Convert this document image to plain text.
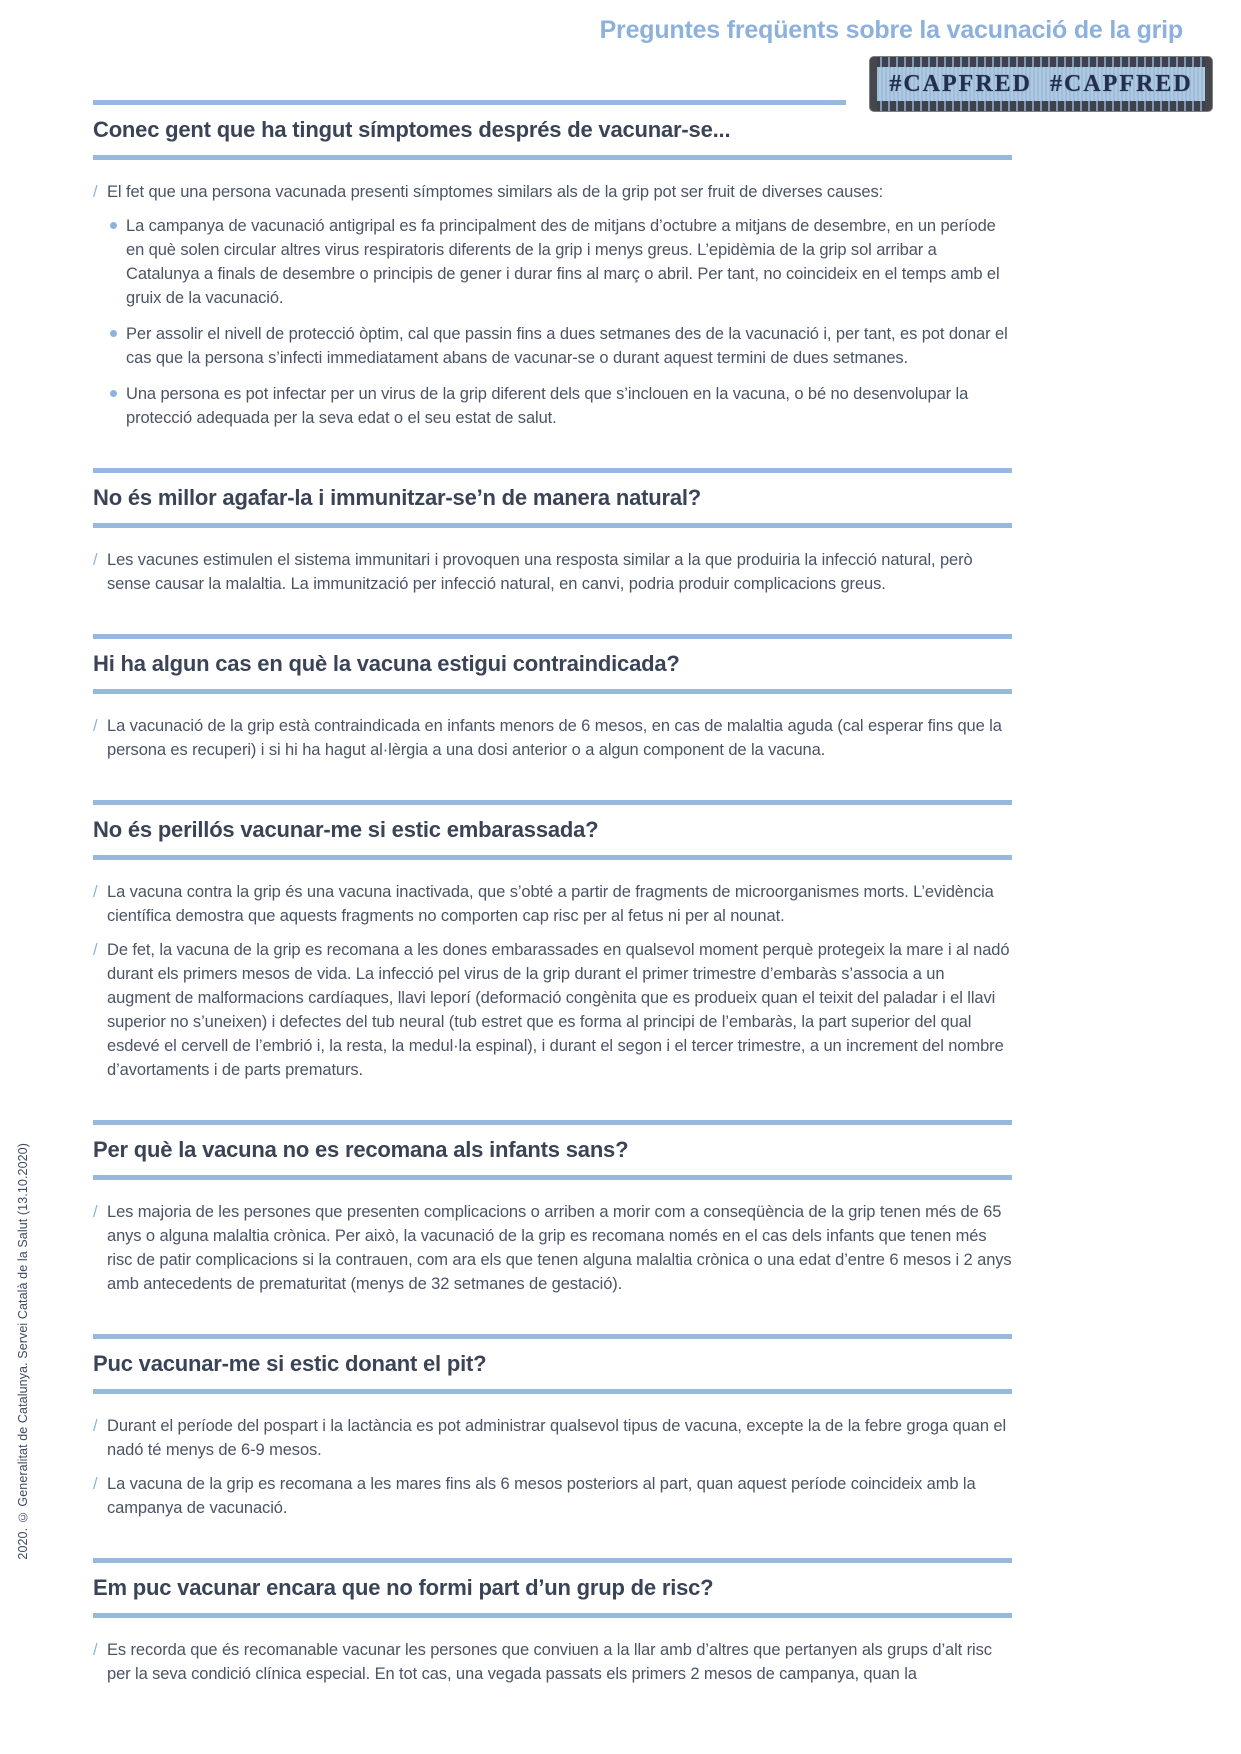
Preguntes freqüents sobre la vacunació de la grip
#CAPFRED #CAPFRED
Conec gent que ha tingut símptomes després de vacunar-se...
/ El fet que una persona vacunada presenti símptomes similars als de la grip pot ser fruit de diverses causes:

La campanya de vacunació antigripal es fa principalment des de mitjans d’octubre a mitjans de desembre, en un període en què solen circular altres virus respiratoris diferents de la grip i menys greus. L’epidèmia de la grip sol arribar a Catalunya a finals de desembre o principis de gener i durar fins al març o abril. Per tant, no coincideix en el temps amb el gruix de la vacunació.

Per assolir el nivell de protecció òptim, cal que passin fins a dues setmanes des de la vacunació i, per tant, es pot donar el cas que la persona s’infecti immediatament abans de vacunar-se o durant aquest termini de dues setmanes.

Una persona es pot infectar per un virus de la grip diferent dels que s’inclouen en la vacuna, o bé no desenvolupar la protecció adequada per la seva edat o el seu estat de salut.

No és millor agafar-la i immunitzar-se’n de manera natural?
/ Les vacunes estimulen el sistema immunitari i provoquen una resposta similar a la que produiria la infecció natural, però sense causar la malaltia. La immunització per infecció natural, en canvi, podria produir complicacions greus.

Hi ha algun cas en què la vacuna estigui contraindicada?
/ La vacunació de la grip està contraindicada en infants menors de 6 mesos, en cas de malaltia aguda (cal esperar fins que la persona es recuperi) i si hi ha hagut al·lèrgia a una dosi anterior o a algun component de la vacuna.

No és perillós vacunar-me si estic embarassada?
/ La vacuna contra la grip és una vacuna inactivada, que s’obté a partir de fragments de microorganismes morts. L’evidència científica demostra que aquests fragments no comporten cap risc per al fetus ni per al nounat.

/ De fet, la vacuna de la grip es recomana a les dones embarassades en qualsevol moment perquè protegeix la mare i al nadó durant els primers mesos de vida. La infecció pel virus de la grip durant el primer trimestre d’embaràs s’associa a un augment de malformacions cardíaques, llavi leporí (deformació congènita que es produeix quan el teixit del paladar i el llavi superior no s’uneixen) i defectes del tub neural (tub estret que es forma al principi de l’embaràs, la part superior del qual esdevé el cervell de l’embrió i, la resta, la medul·la espinal), i durant el segon i el tercer trimestre, a un increment del nombre d’avortaments i de parts prematurs.

Per què la vacuna no es recomana als infants sans?
/ Les majoria de les persones que presenten complicacions o arriben a morir com a conseqüència de la grip tenen més de 65 anys o alguna malaltia crònica. Per això, la vacunació de la grip es recomana només en el cas dels infants que tenen més risc de patir complicacions si la contrauen, com ara els que tenen alguna malaltia crònica o una edat d’entre 6 mesos i 2 anys amb antecedents de prematuritat (menys de 32 setmanes de gestació).

Puc vacunar-me si estic donant el pit?
/ Durant el període del pospart i la lactància es pot administrar qualsevol tipus de vacuna, excepte la de la febre groga quan el nadó té menys de 6-9 mesos.

/ La vacuna de la grip es recomana a les mares fins als 6 mesos posteriors al part, quan aquest període coincideix amb la campanya de vacunació.

Em puc vacunar encara que no formi part d’un grup de risc?
/ Es recorda que és recomanable vacunar les persones que conviuen a la llar amb d’altres que pertanyen als grups d’alt risc per la seva condició clínica especial. En tot cas, una vegada passats els primers 2 mesos de campanya, quan la

2020. © Generalitat de Catalunya. Servei Català de la Salut (13.10.2020)
